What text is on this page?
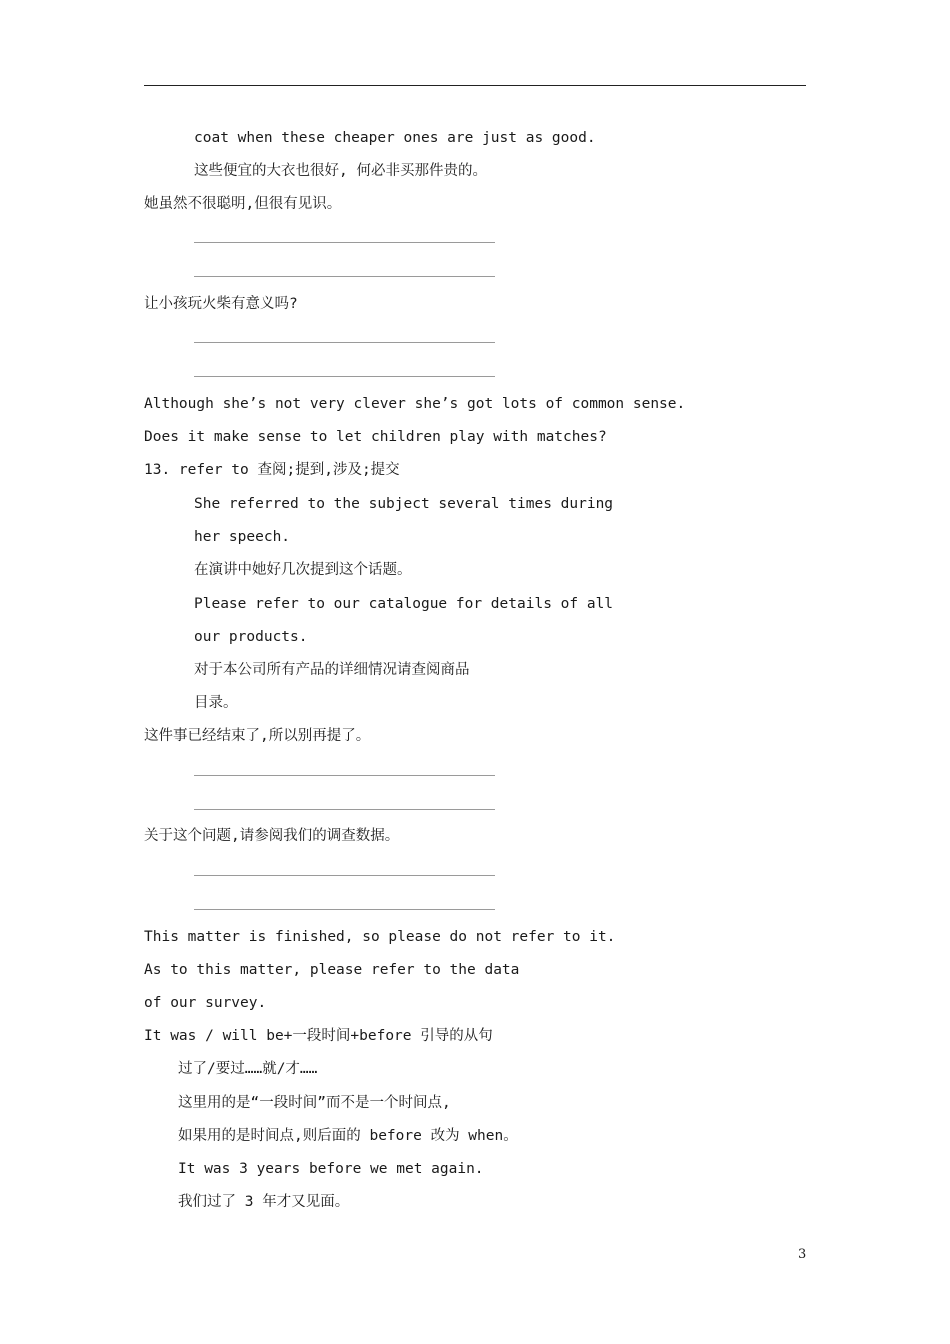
coat when these cheaper ones are just as good.
这些便宜的大衣也很好, 何必非买那件贵的。
她虽然不很聪明,但很有见识。
让小孩玩火柴有意义吗?
Although she’s not very clever she’s got lots of common sense.
Does it make sense to let children play with matches?
13. refer to 查阅;提到,涉及;提交
She referred to the subject several times during
her speech.
在演讲中她好几次提到这个话题。
Please refer to our catalogue for details of all
our products.
对于本公司所有产品的详细情况请查阅商品
目录。
这件事已经结束了,所以别再提了。
关于这个问题,请参阅我们的调查数据。
This matter is finished, so please do not refer to it.
As to this matter, please refer to the data
of our survey.
It was / will be+一段时间+before 引导的从句
过了/要过……就/才……
这里用的是“一段时间”而不是一个时间点,
如果用的是时间点,则后面的 before 改为 when。
It was 3 years before we met again.
我们过了 3 年才又见面。
3
